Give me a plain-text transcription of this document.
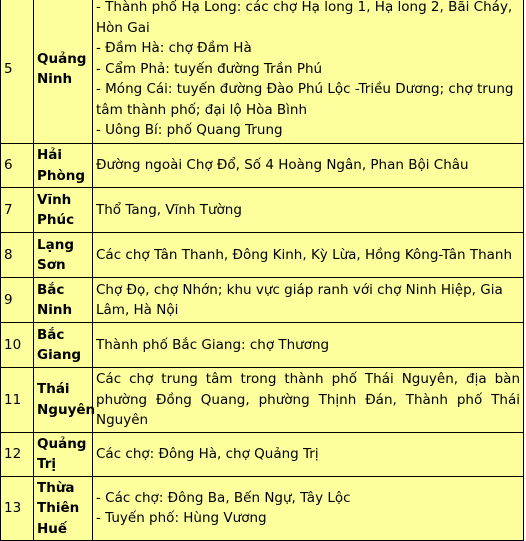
5	Quảng Ninh	- Thành phố Hạ Long: các chợ Hạ long 1, Hạ long 2, Bãi Cháy, Hòn Gai
- Đầm Hà: chợ Đầm Hà
- Cẩm Phả: tuyến đường Trần Phú
- Móng Cái: tuyến đường Đào Phú Lộc -Triều Dương; chợ trung tâm thành phố; đại lộ Hòa Bình
- Uông Bí: phố Quang Trung

6	Hải Phòng	Đường ngoài Chợ Đổ, Số 4 Hoàng Ngân, Phan Bội Châu

7	Vĩnh Phúc	Thổ Tang, Vĩnh Tường

8	Lạng Sơn	Các chợ Tân Thanh, Đông Kinh, Kỳ Lừa, Hồng Kông-Tân Thanh

9	Bắc Ninh	Chợ Đọ, chợ Nhớn; khu vực giáp ranh với chợ Ninh Hiệp, Gia Lâm, Hà Nội

10	Bắc Giang	Thành phố Bắc Giang: chợ Thương

11	Thái Nguyên	Các chợ trung tâm trong thành phố Thái Nguyên, địa bàn phường Đồng Quang, phường Thịnh Đán, Thành phố Thái Nguyên

12	Quảng Trị	Các chợ: Đông Hà, chợ Quảng Trị

13	Thừa Thiên Huế	- Các chợ: Đông Ba, Bến Ngự, Tây Lộc
- Tuyến phố: Hùng Vương
